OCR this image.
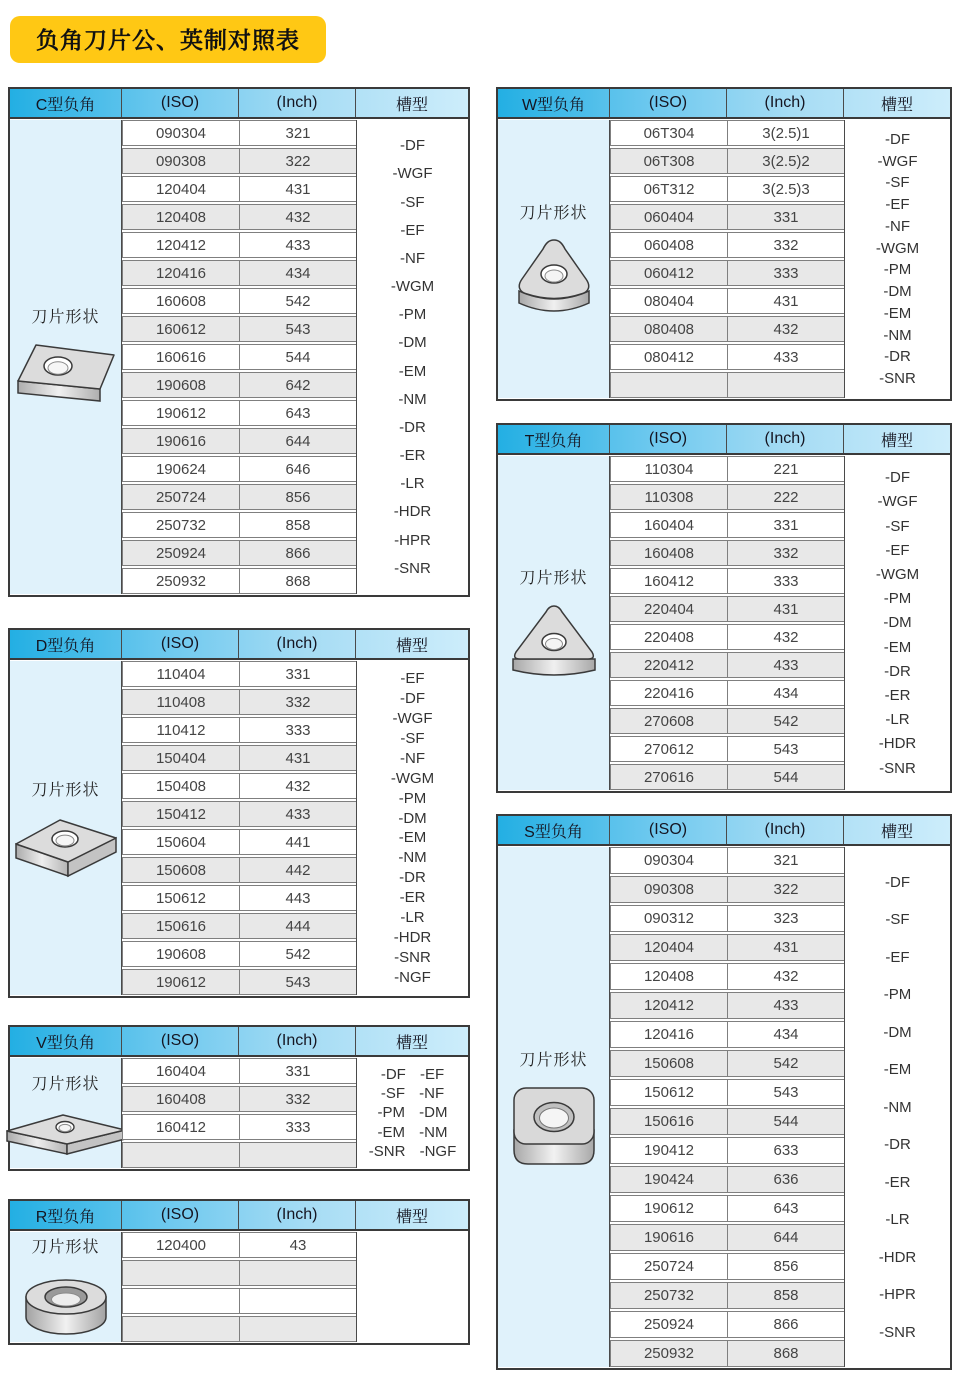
负角刀片公、英制对照表
C型负角	(ISO)	(Inch)	槽型
刀片形状
090304	321
090308	322
120404	431
120408	432
120412	433
120416	434
160608	542
160612	543
160616	544
190608	642
190612	643
190616	644
190624	646
250724	856
250732	858
250924	866
250932	868
-DF
-WGF
-SF
-EF
-NF
-WGM
-PM
-DM
-EM
-NM
-DR
-ER
-LR
-HDR
-HPR
-SNR
D型负角	(ISO)	(Inch)	槽型
刀片形状
110404	331
110408	332
110412	333
150404	431
150408	432
150412	433
150604	441
150608	442
150612	443
150616	444
190608	542
190612	543
-EF
-DF
-WGF
-SF
-NF
-WGM
-PM
-DM
-EM
-NM
-DR
-ER
-LR
-HDR
-SNR
-NGF
V型负角	(ISO)	(Inch)	槽型
刀片形状
160404	331
160408	332
160412	333
-DF -EF
-SF -NF
-PM -DM
-EM -NM
-SNR -NGF
R型负角	(ISO)	(Inch)	槽型
刀片形状	120400	43
W型负角	(ISO)	(Inch)	槽型
刀片形状
06T304	3(2.5)1
06T308	3(2.5)2
06T312	3(2.5)3
060404	331
060408	332
060412	333
080404	431
080408	432
080412	433
-DF
-WGF
-SF
-EF
-NF
-WGM
-PM
-DM
-EM
-NM
-DR
-SNR
T型负角	(ISO)	(Inch)	槽型
刀片形状
110304	221
110308	222
160404	331
160408	332
160412	333
220404	431
220408	432
220412	433
220416	434
270608	542
270612	543
270616	544
-DF
-WGF
-SF
-EF
-WGM
-PM
-DM
-EM
-DR
-ER
-LR
-HDR
-SNR
S型负角	(ISO)	(Inch)	槽型
刀片形状
090304	321
090308	322
090312	323
120404	431
120408	432
120412	433
120416	434
150608	542
150612	543
150616	544
190412	633
190424	636
190612	643
190616	644
250724	856
250732	858
250924	866
250932	868
-DF
-SF
-EF
-PM
-DM
-EM
-NM
-DR
-ER
-LR
-HDR
-HPR
-SNR
